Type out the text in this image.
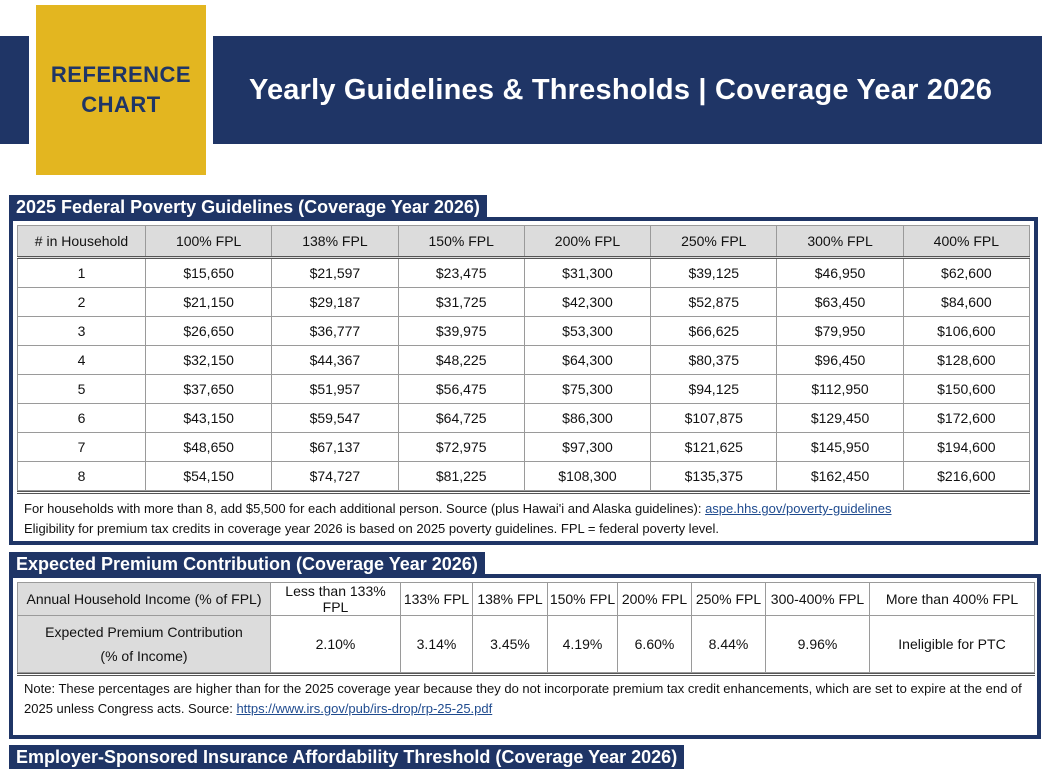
Yearly Guidelines & Thresholds | Coverage Year 2026
REFERENCE
CHART
2025 Federal Poverty Guidelines (Coverage Year 2026)
# in Household	100% FPL	138% FPL	150% FPL	200% FPL	250% FPL	300% FPL	400% FPL
1	$15,650	$21,597	$23,475	$31,300	$39,125	$46,950	$62,600
2	$21,150	$29,187	$31,725	$42,300	$52,875	$63,450	$84,600
3	$26,650	$36,777	$39,975	$53,300	$66,625	$79,950	$106,600
4	$32,150	$44,367	$48,225	$64,300	$80,375	$96,450	$128,600
5	$37,650	$51,957	$56,475	$75,300	$94,125	$112,950	$150,600
6	$43,150	$59,547	$64,725	$86,300	$107,875	$129,450	$172,600
7	$48,650	$67,137	$72,975	$97,300	$121,625	$145,950	$194,600
8	$54,150	$74,727	$81,225	$108,300	$135,375	$162,450	$216,600
For households with more than 8, add $5,500 for each additional person. Source (plus Hawai'i and Alaska guidelines): aspe.hhs.gov/poverty-guidelines
Eligibility for premium tax credits in coverage year 2026 is based on 2025 poverty guidelines. FPL = federal poverty level.
Expected Premium Contribution (Coverage Year 2026)
Annual Household Income (% of FPL)	Less than 133% FPL	133% FPL	138% FPL	150% FPL	200% FPL	250% FPL	300-400% FPL	More than 400% FPL

Expected Premium Contribution
(% of Income)	2.10%	3.14%	3.45%	4.19%	6.60%	8.44%	9.96%	Ineligible for PTC
Note: These percentages are higher than for the 2025 coverage year because they do not incorporate premium tax credit enhancements, which are set to expire at the end of 2025 unless Congress acts. Source: https://www.irs.gov/pub/irs-drop/rp-25-25.pdf
Employer-Sponsored Insurance Affordability Threshold (Coverage Year 2026)
